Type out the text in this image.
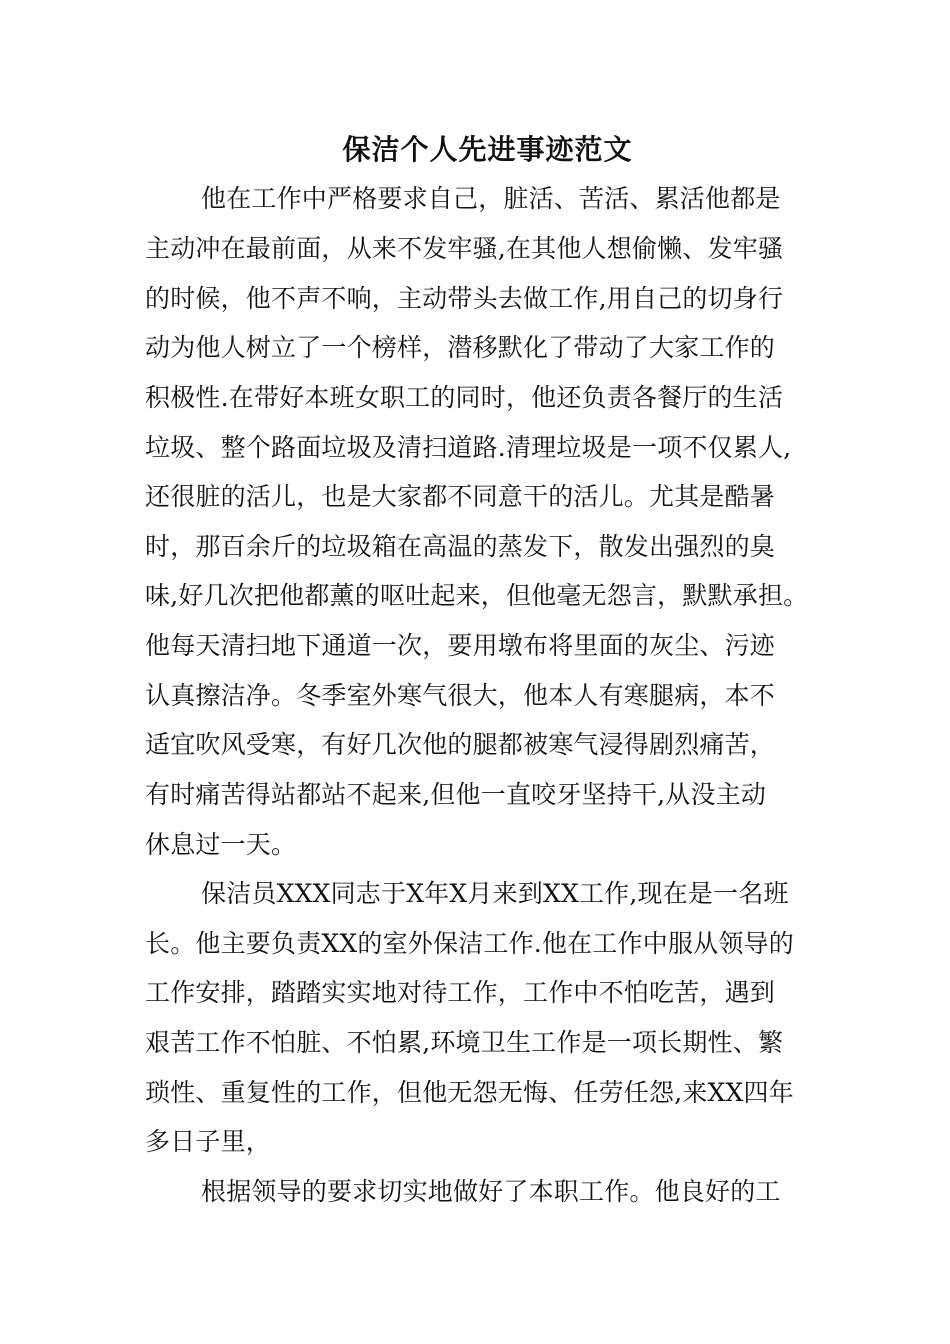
保洁个人先进事迹范文
他在工作中严格要求自己，脏活、苦活、累活他都是
主动冲在最前面，从来不发牢骚,在其他人想偷懒、发牢骚
的时候，他不声不响，主动带头去做工作,用自己的切身行
动为他人树立了一个榜样，潜移默化了带动了大家工作的
积极性.在带好本班女职工的同时，他还负责各餐厅的生活
垃圾、整个路面垃圾及清扫道路.清理垃圾是一项不仅累人,
还很脏的活儿，也是大家都不同意干的活儿。尤其是酷暑
时，那百余斤的垃圾箱在高温的蒸发下，散发出强烈的臭
味,好几次把他都薰的呕吐起来，但他毫无怨言，默默承担。
他每天清扫地下通道一次，要用墩布将里面的灰尘、污迹
认真擦洁净。冬季室外寒气很大，他本人有寒腿病，本不
适宜吹风受寒，有好几次他的腿都被寒气浸得剧烈痛苦，
有时痛苦得站都站不起来,但他一直咬牙坚持干,从没主动
休息过一天。
保洁员XXX同志于X年X月来到XX工作,现在是一名班
长。他主要负责XX的室外保洁工作.他在工作中服从领导的
工作安排，踏踏实实地对待工作，工作中不怕吃苦，遇到
艰苦工作不怕脏、不怕累,环境卫生工作是一项长期性、繁
琐性、重复性的工作，但他无怨无悔、任劳任怨,来XX四年
多日子里，
根据领导的要求切实地做好了本职工作。他良好的工
